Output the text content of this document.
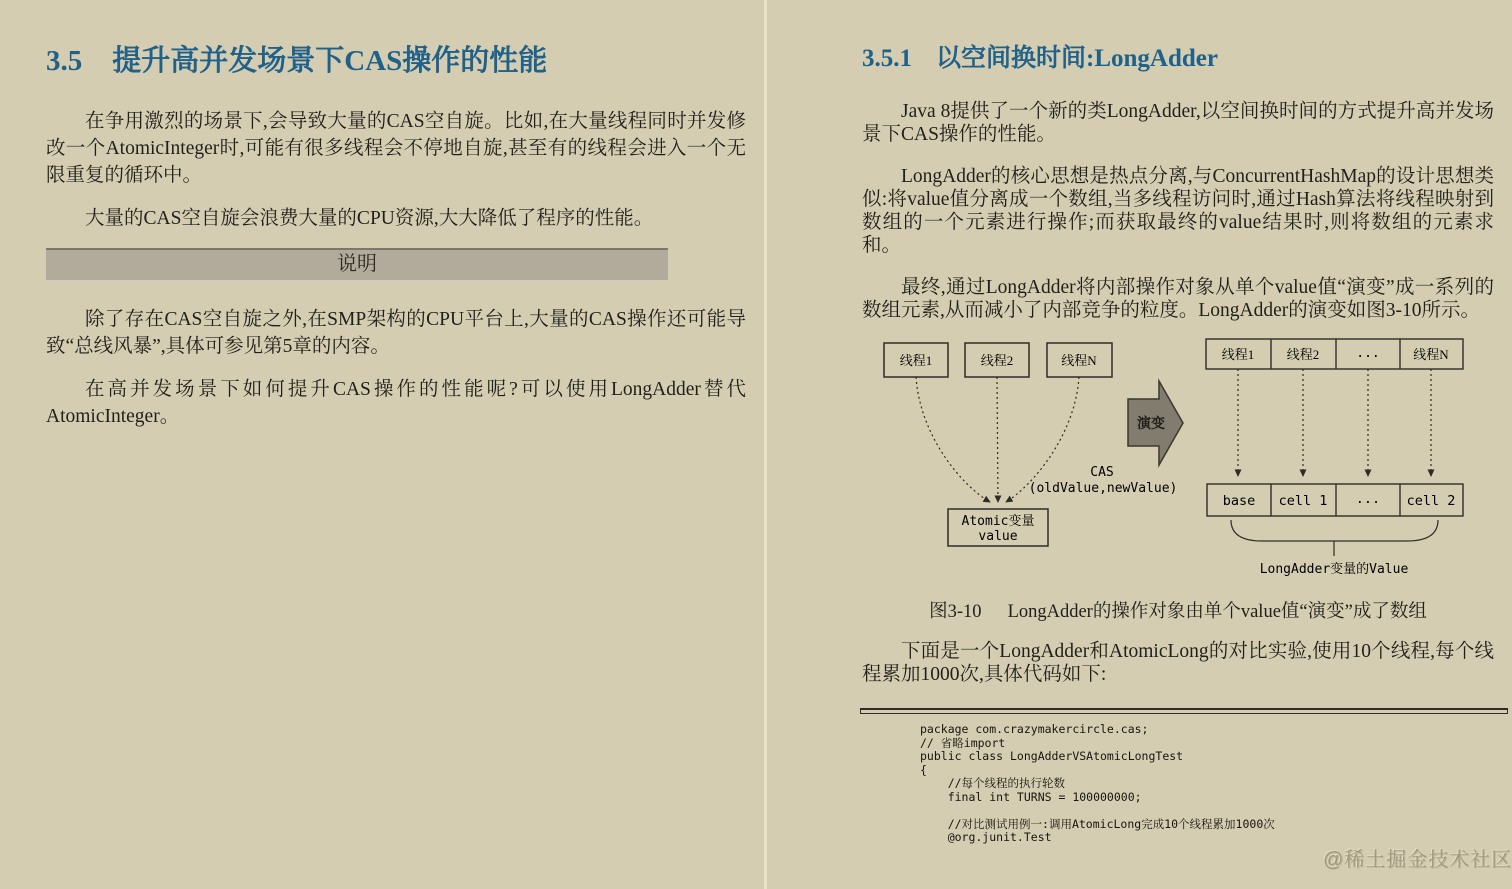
3.5 提升高并发场景下CAS操作的性能

在争用激烈的场景下,会导致大量的CAS空自旋。比如,在大量线程同时并发修改一个AtomicInteger时,可能有很多线程会不停地自旋,甚至有的线程会进入一个无限重复的循环中。

大量的CAS空自旋会浪费大量的CPU资源,大大降低了程序的性能。

说明

除了存在CAS空自旋之外,在SMP架构的CPU平台上,大量的CAS操作还可能导致“总线风暴”,具体可参见第5章的内容。

在高并发场景下如何提升CAS操作的性能呢?可以使用LongAdder替代AtomicInteger。

3.5.1 以空间换时间:LongAdder

Java 8提供了一个新的类LongAdder,以空间换时间的方式提升高并发场景下CAS操作的性能。

LongAdder的核心思想是热点分离,与ConcurrentHashMap的设计思想类似:将value值分离成一个数组,当多线程访问时,通过Hash算法将线程映射到数组的一个元素进行操作;而获取最终的value结果时,则将数组的元素求和。

最终,通过LongAdder将内部操作对象从单个value值“演变”成一系列的数组元素,从而减小了内部竞争的粒度。LongAdder的演变如图3-10所示。

线程1	线程2	线程N
CAS
(oldValue,newValue)
Atomic变量
value
演变
线程1 线程2	...	线程N
base cell 1 ... cell 2
LongAdder变量的Value
图3-10 LongAdder的操作对象由单个value值“演变”成了数组

下面是一个LongAdder和AtomicLong的对比实验,使用10个线程,每个线程累加1000次,具体代码如下:

package com.crazymakercircle.cas;
// 省略import
public class LongAdderVSAtomicLongTest
{
//每个线程的执行轮数
final int TURNS = 100000000;
//对比测试用例一:调用AtomicLong完成10个线程累加1000次
@org.junit.Test
@稀土掘金技术社区
